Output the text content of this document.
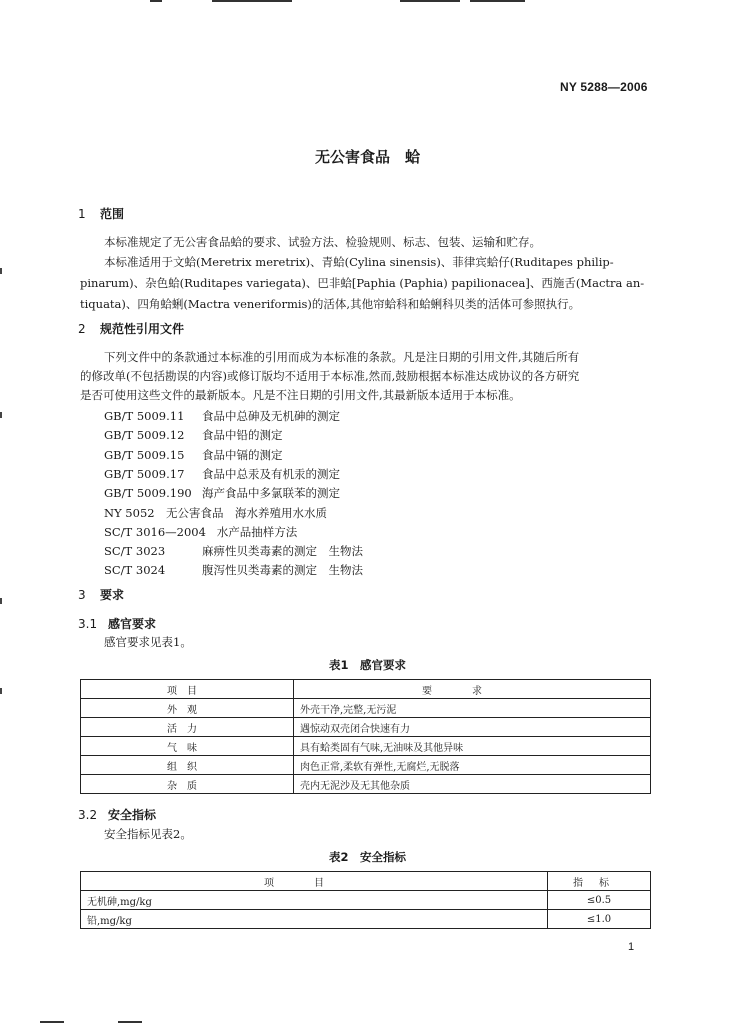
NY 5288—2006
无公害食品　蛤
1 范围
本标准规定了无公害食品蛤的要求、试验方法、检验规则、标志、包装、运输和贮存。
本标准适用于文蛤(Meretrix meretrix)、青蛤(Cylina sinensis)、菲律宾蛤仔(Ruditapes philip-
pinarum)、杂色蛤(Ruditapes variegata)、巴非蛤[Paphia (Paphia) papilionacea]、西施舌(Mactra an-
tiquata)、四角蛤蜊(Mactra veneriformis)的活体,其他帘蛤科和蛤蜊科贝类的活体可参照执行。
2 规范性引用文件
下列文件中的条款通过本标准的引用而成为本标准的条款。凡是注日期的引用文件,其随后所有
的修改单(不包括勘误的内容)或修订版均不适用于本标准,然而,鼓励根据本标准达成协议的各方研究
是否可使用这些文件的最新版本。凡是不注日期的引用文件,其最新版本适用于本标准。
GB/T 5009.11 食品中总砷及无机砷的测定
GB/T 5009.12 食品中铅的测定
GB/T 5009.15 食品中镉的测定
GB/T 5009.17 食品中总汞及有机汞的测定
GB/T 5009.190 海产食品中多氯联苯的测定
NY 5052 无公害食品　海水养殖用水水质
SC/T 3016—2004 水产品抽样方法
SC/T 3023	麻痹性贝类毒素的测定　生物法
SC/T 3024	腹泻性贝类毒素的测定　生物法
3 要求
3.1 感官要求
感官要求见表1。
表1　感官要求
项目	要求
外观	外壳干净,完整,无污泥
活力	遇惊动双壳闭合快速有力
气味	具有蛤类固有气味,无油味及其他异味
组织	肉色正常,柔软有弹性,无腐烂,无脱落
杂质	壳内无泥沙及无其他杂质
3.2 安全指标
安全指标见表2。
表2　安全指标
项目	指标
无机砷,mg/kg	≤0.5
铅,mg/kg	≤1.0
1
